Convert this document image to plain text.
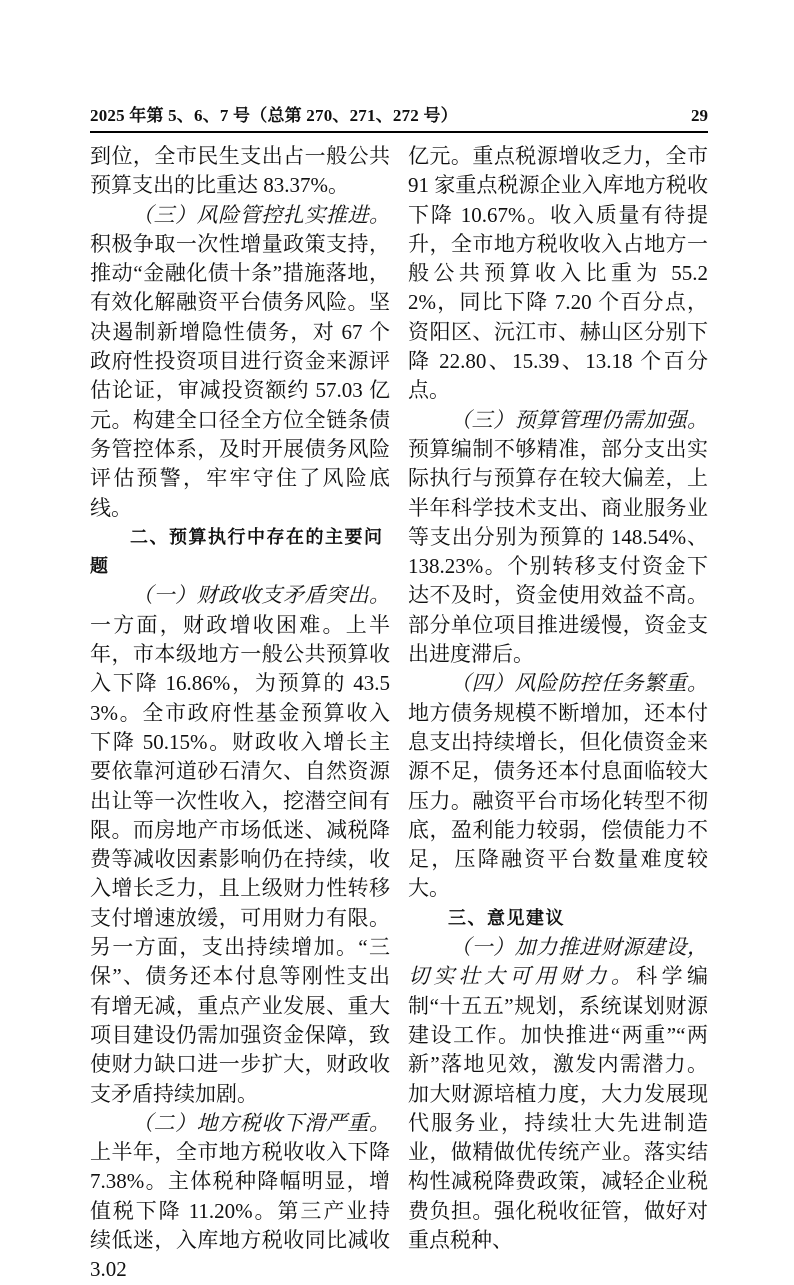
2025 年第 5、6、7 号（总第 270、271、272 号）	29

到位，全市民生支出占一般公共预算支出的比重达 83.37%。

（三）风险管控扎实推进。积极争取一次性增量政策支持，推动“金融化债十条”措施落地，有效化解融资平台债务风险。坚决遏制新增隐性债务，对 67 个政府性投资项目进行资金来源评估论证，审减投资额约 57.03 亿元。构建全口径全方位全链条债务管控体系，及时开展债务风险评估预警，牢牢守住了风险底线。

二、预算执行中存在的主要问题

（一）财政收支矛盾突出。一方面，财政增收困难。上半年，市本级地方一般公共预算收入下降 16.86%，为预算的 43.53%。全市政府性基金预算收入下降 50.15%。财政收入增长主要依靠河道砂石清欠、自然资源出让等一次性收入，挖潜空间有限。而房地产市场低迷、减税降费等减收因素影响仍在持续，收入增长乏力，且上级财力性转移支付增速放缓，可用财力有限。另一方面，支出持续增加。“三保”、债务还本付息等刚性支出有增无减，重点产业发展、重大项目建设仍需加强资金保障，致使财力缺口进一步扩大，财政收支矛盾持续加剧。

（二）地方税收下滑严重。上半年，全市地方税收收入下降 7.38%。主体税种降幅明显，增值税下降 11.20%。第三产业持续低迷，入库地方税收同比减收 3.02

亿元。重点税源增收乏力，全市 91 家重点税源企业入库地方税收下降 10.67%。收入质量有待提升，全市地方税收收入占地方一般公共预算收入比重为 55.22%，同比下降 7.20 个百分点，资阳区、沅江市、赫山区分别下降 22.80、15.39、13.18 个百分点。

（三）预算管理仍需加强。预算编制不够精准，部分支出实际执行与预算存在较大偏差，上半年科学技术支出、商业服务业等支出分别为预算的 148.54%、138.23%。个别转移支付资金下达不及时，资金使用效益不高。部分单位项目推进缓慢，资金支出进度滞后。

（四）风险防控任务繁重。地方债务规模不断增加，还本付息支出持续增长，但化债资金来源不足，债务还本付息面临较大压力。融资平台市场化转型不彻底，盈利能力较弱，偿债能力不足，压降融资平台数量难度较大。

三、意见建议

（一）加力推进财源建设，切实壮大可用财力。科学编制“十五五”规划，系统谋划财源建设工作。加快推进“两重”“两新”落地见效，激发内需潜力。加大财源培植力度，大力发展现代服务业，持续壮大先进制造业，做精做优传统产业。落实结构性减税降费政策，减轻企业税费负担。强化税收征管，做好对重点税种、
